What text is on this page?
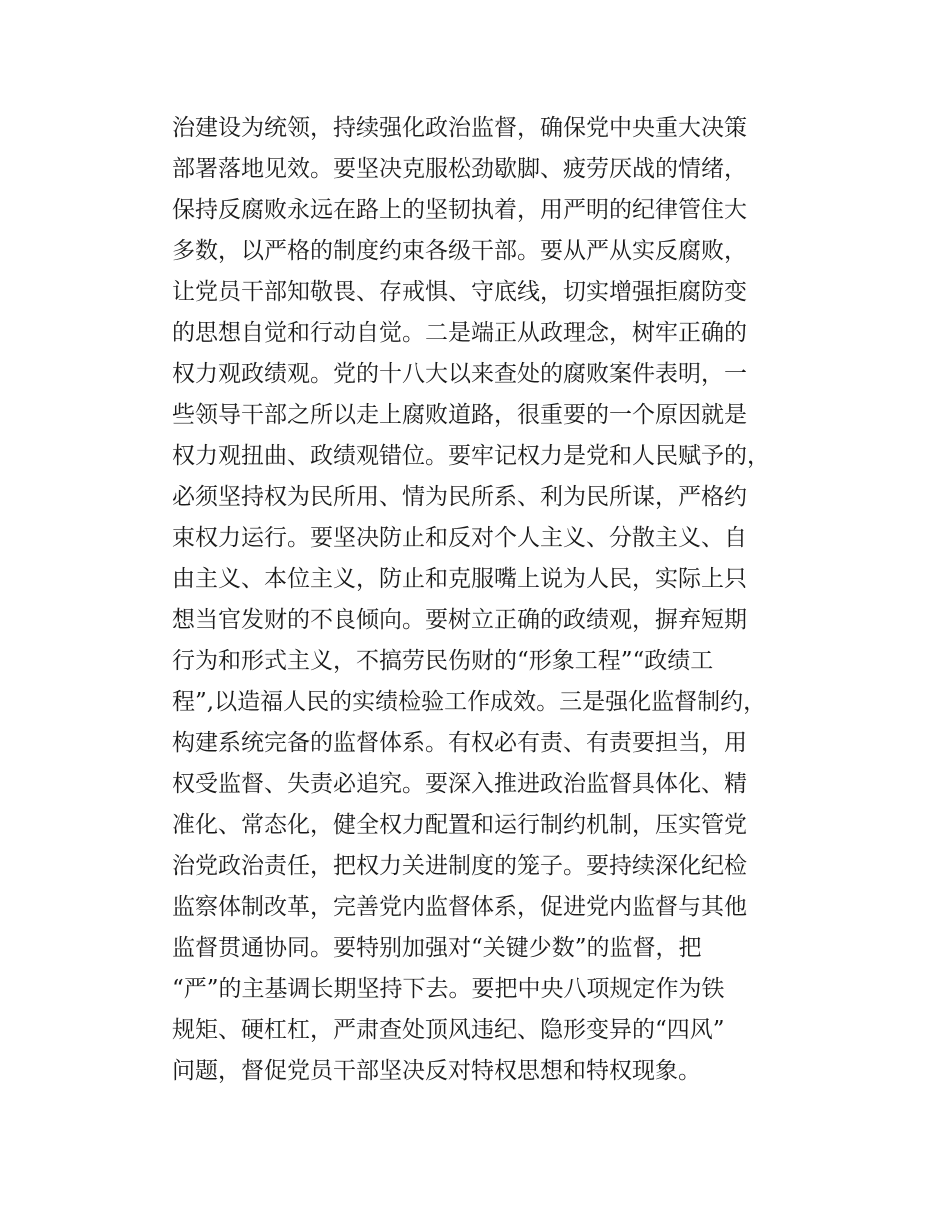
治建设为统领，持续强化政治监督，确保党中央重大决策
部署落地见效。要坚决克服松劲歇脚、疲劳厌战的情绪，
保持反腐败永远在路上的坚韧执着，用严明的纪律管住大
多数，以严格的制度约束各级干部。要从严从实反腐败，
让党员干部知敬畏、存戒惧、守底线，切实增强拒腐防变
的思想自觉和行动自觉。二是端正从政理念，树牢正确的
权力观政绩观。党的十八大以来查处的腐败案件表明，一
些领导干部之所以走上腐败道路，很重要的一个原因就是
权力观扭曲、政绩观错位。要牢记权力是党和人民赋予的，
必须坚持权为民所用、情为民所系、利为民所谋，严格约
束权力运行。要坚决防止和反对个人主义、分散主义、自
由主义、本位主义，防止和克服嘴上说为人民，实际上只
想当官发财的不良倾向。要树立正确的政绩观，摒弃短期
行为和形式主义，不搞劳民伤财的“形象工程”“政绩工
程”,以造福人民的实绩检验工作成效。三是强化监督制约，
构建系统完备的监督体系。有权必有责、有责要担当，用
权受监督、失责必追究。要深入推进政治监督具体化、精
准化、常态化，健全权力配置和运行制约机制，压实管党
治党政治责任，把权力关进制度的笼子。要持续深化纪检
监察体制改革，完善党内监督体系，促进党内监督与其他
监督贯通协同。要特别加强对“关键少数”的监督，把
“严”的主基调长期坚持下去。要把中央八项规定作为铁
规矩、硬杠杠，严肃查处顶风违纪、隐形变异的“四风”
问题，督促党员干部坚决反对特权思想和特权现象。
